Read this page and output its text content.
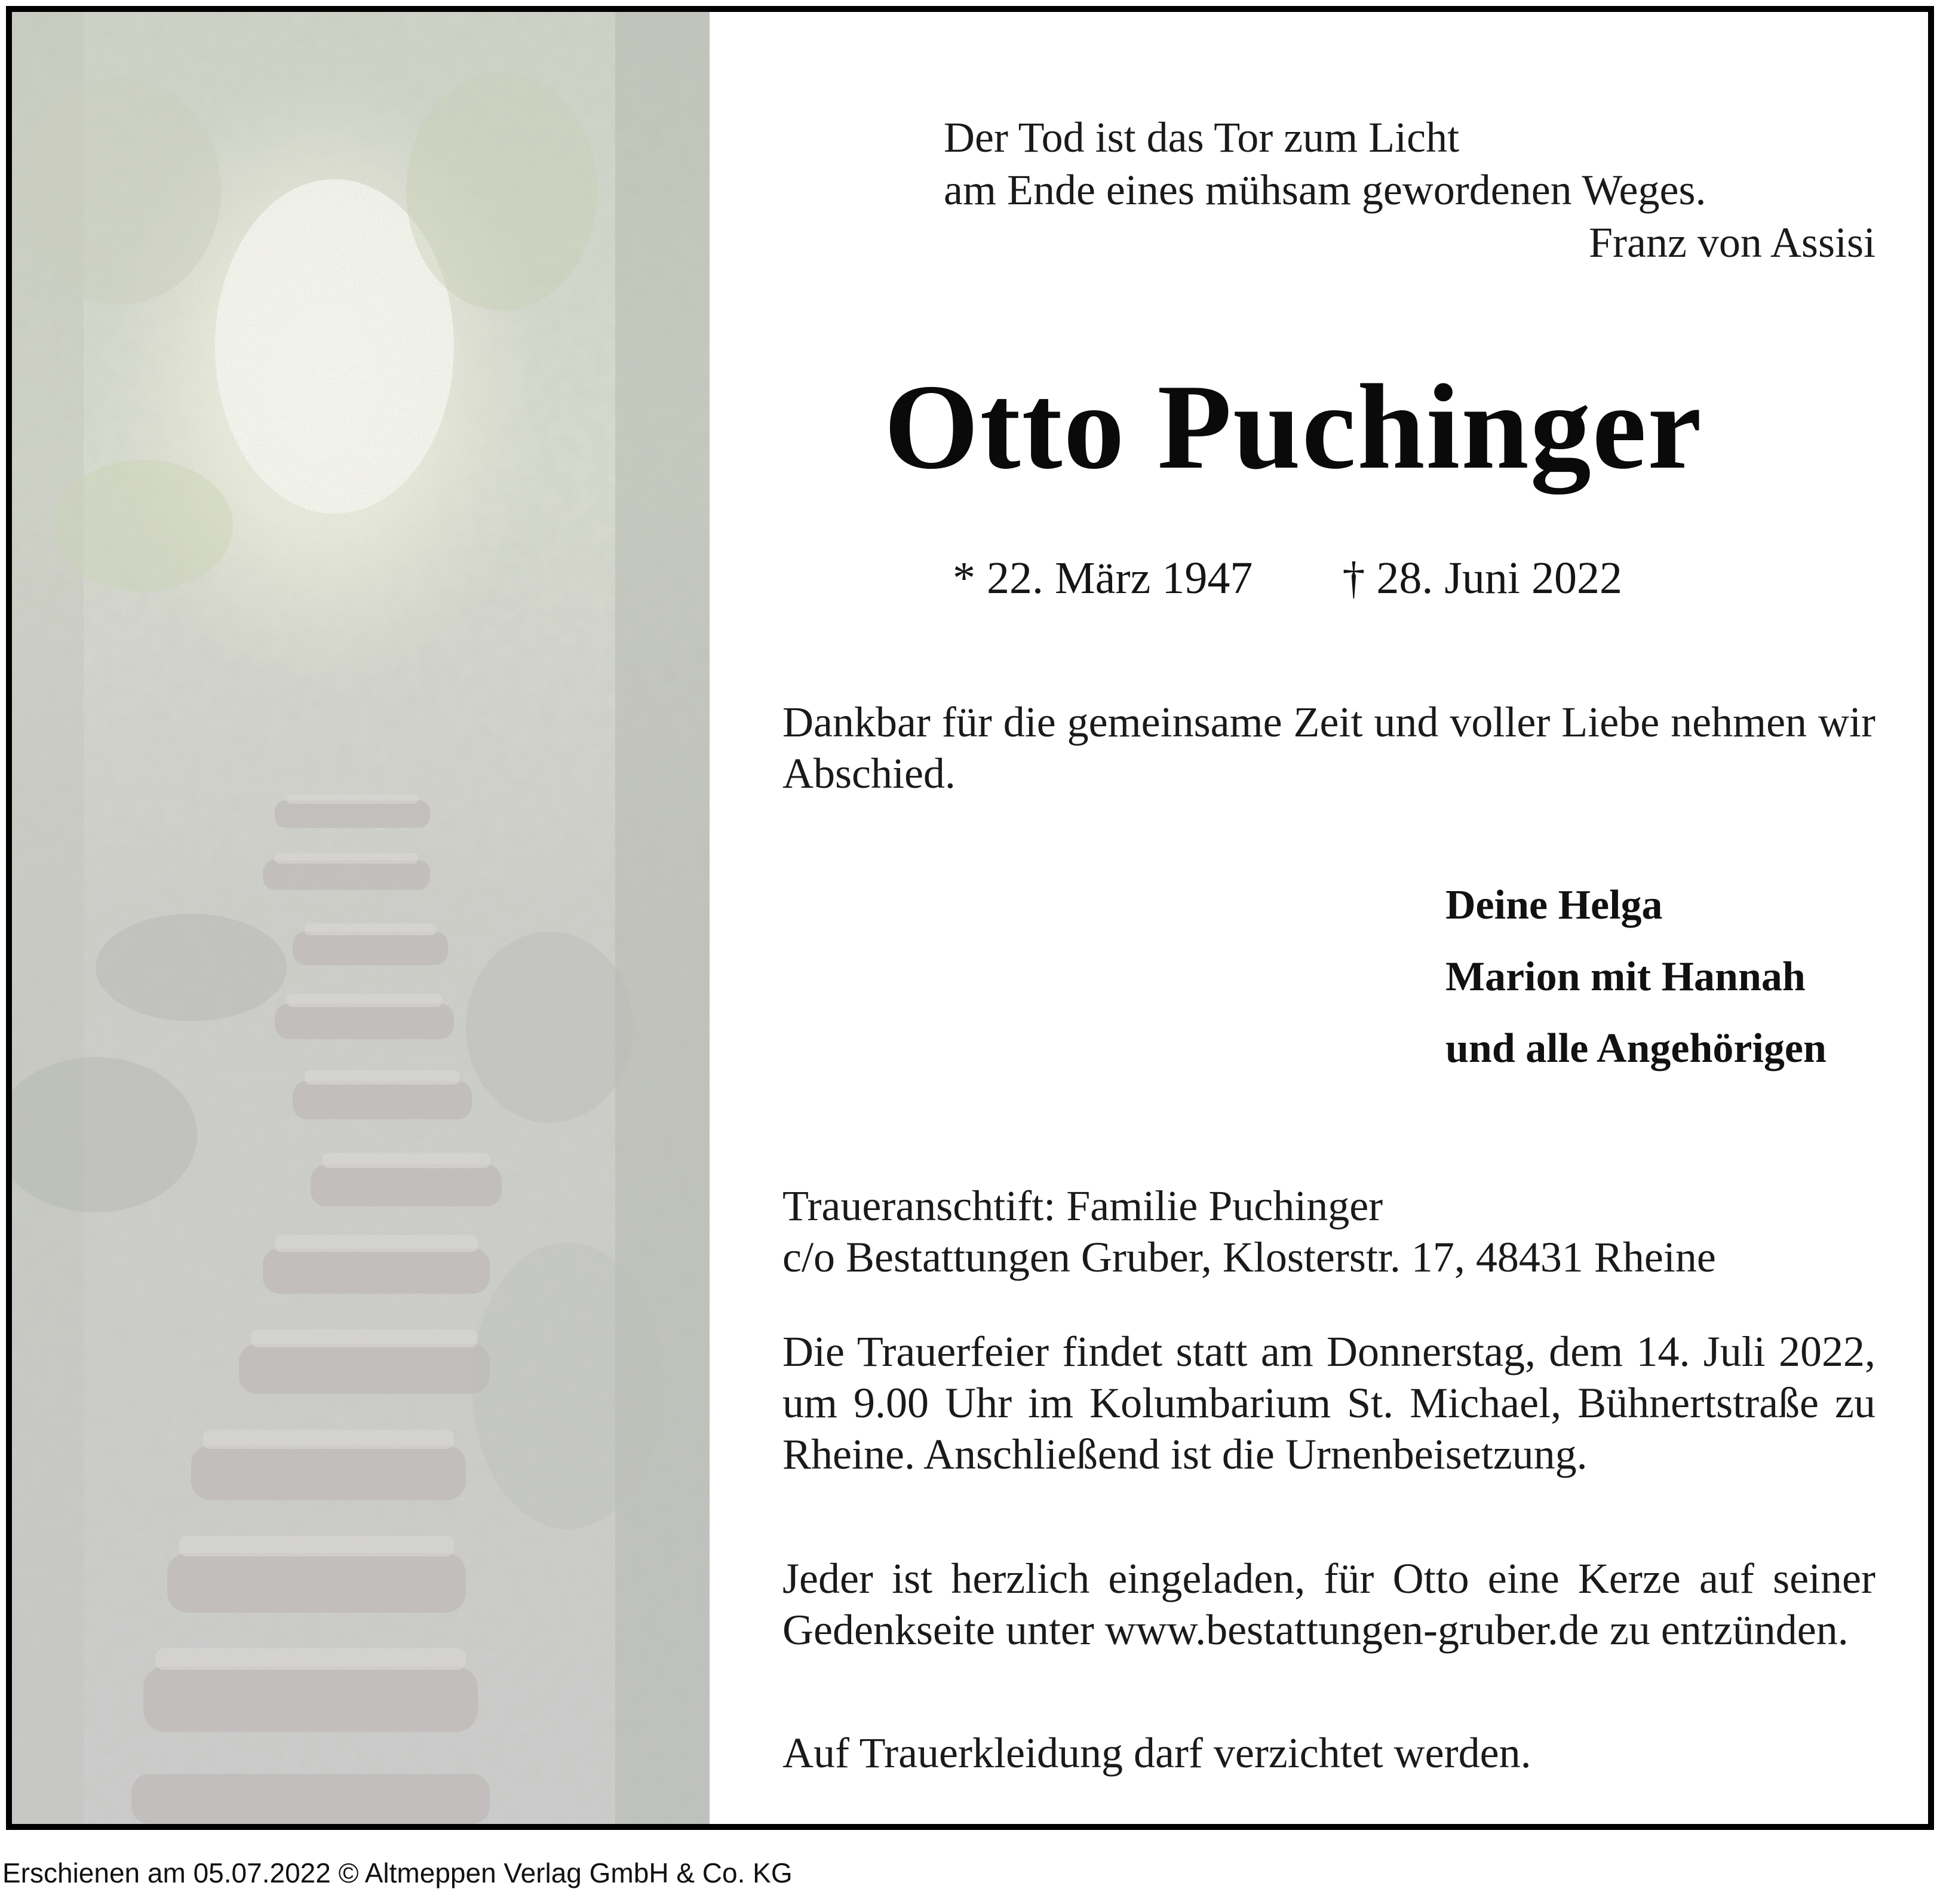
Der Tod ist das Tor zum Licht
am Ende eines mühsam gewordenen Weges.
Franz von Assisi
Otto Puchinger
* 22. März 1947 † 28. Juni 2022
Dankbar für die gemeinsame Zeit und voller Liebe nehmen wir Abschied.
Deine Helga
Marion mit Hannah
und alle Angehörigen
Traueranschtift: Familie Puchinger
c/o Bestattungen Gruber, Klosterstr. 17, 48431 Rheine
Die Trauerfeier findet statt am Donnerstag, dem 14. Juli 2022, um 9.00 Uhr im Kolumbarium St. Michael, Bühnertstraße zu Rheine. Anschließend ist die Urnenbeisetzung.
Jeder ist herzlich eingeladen, für Otto eine Kerze auf seiner Gedenkseite unter www.bestattungen-gruber.de zu entzünden.
Auf Trauerkleidung darf verzichtet werden.
Erschienen am 05.07.2022 © Altmeppen Verlag GmbH & Co. KG
